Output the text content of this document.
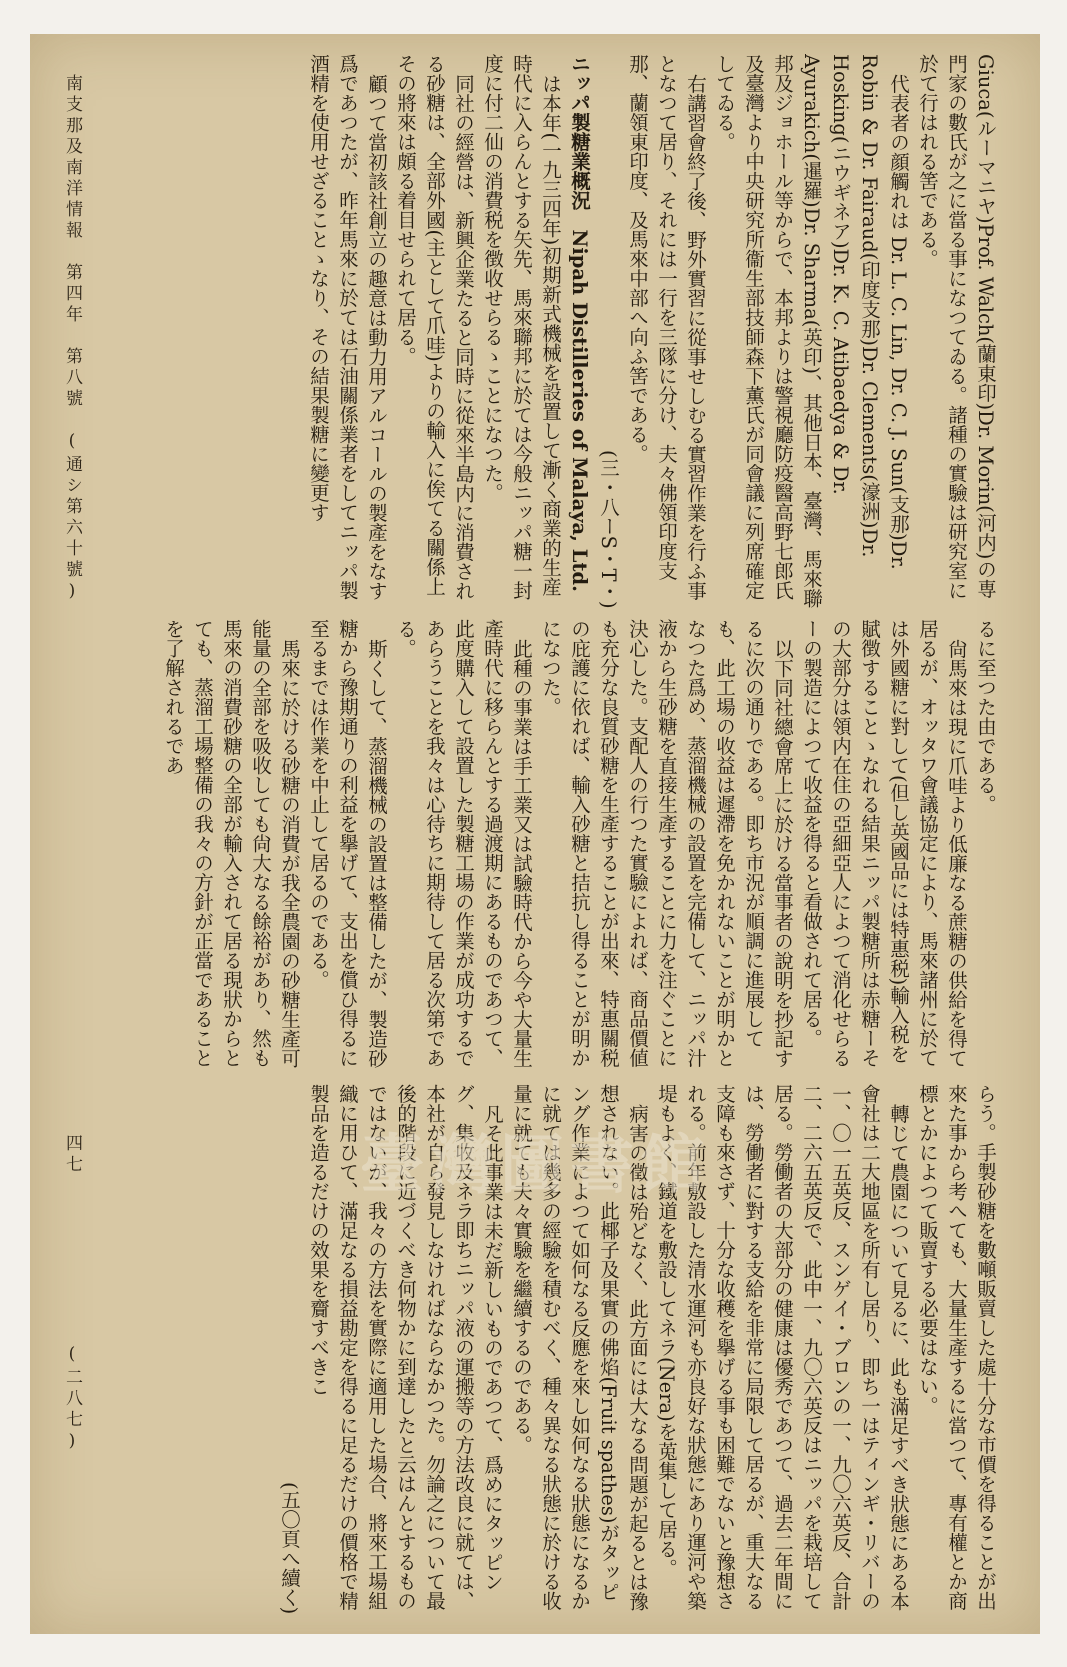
南支那及南洋情報　第四年　第八號　(通シ第六十號)
四七  (二八七)

Giuca(ルーマニヤ)Prof. Walch(蘭東印)Dr. Morin(河内)の専門家の數氏が之に當る事になつてゐる。諸種の實驗は研究室に於て行はれる筈である。

代表者の顔觸れは Dr. L. C. Lin, Dr. C. J. Sun(支那)Dr. Robin & Dr. Fairaud(印度支那)Dr. Clements(濠洲)Dr. Hosking(ニウギネア)Dr. K. C. Atibaedya & Dr. Ayurakich(暹羅)Dr. Sharma(英印)、其他日本、臺灣、馬來聯邦及ジョホール等からで、本邦よりは警視廳防疫醫高野七郎氏及臺灣より中央研究所衞生部技師森下薫氏が同會議に列席確定してゐる。

右講習會終了後、野外實習に從事せしむる實習作業を行ふ事となつて居り、それには一行を三隊に分け、夫々佛領印度支那、蘭領東印度、及馬來中部へ向ふ筈である。

(三・八ーS・T・)

ニッパ製糖業概況　Nipah Distilleries of Malaya, Ltd.

は本年(一九三四年)初期新式機械を設置して漸く商業的生産時代に入らんとする矢先、馬來聯邦に於ては今般ニッパ糖一封度に付二仙の消費税を徴收せらるゝことになつた。

同社の經營は、新興企業たると同時に從來半島内に消費される砂糖は、全部外國(主として爪哇)よりの輸入に俟てる關係上その將來は頗る着目せられて居る。

顧つて當初該社創立の趣意は動力用アルコールの製產をなす爲であつたが、昨年馬來に於ては石油關係業者をしてニッパ製酒精を使用せざることゝなり、その結果製糖に變更す

るに至つた由である。

尙馬來は現に爪哇より低廉なる蔗糖の供給を得て居るが、オッタワ會議協定により、馬來諸州に於ては外國糖に對して(但し英國品には特惠税)輸入税を賦徴することゝなれる結果ニッパ製糖所は赤糖ーその大部分は領内在住の亞細亞人によつて消化せらるーの製造によつて收益を得ると看做されて居る。

以下同社總會席上に於ける當事者の說明を抄記するに次の通りである。即ち市況が順調に進展しても、此工場の收益は遲滯を免かれないことが明かとなつた爲め、蒸溜機械の設置を完備して、ニッパ汁液から生砂糖を直接生產することに力を注ぐことに決心した。支配人の行つた實驗によれば、商品價値も充分な良質砂糖を生產することが出來、特惠關税の庇護に依れば、輸入砂糖と拮抗し得ることが明かになつた。

此種の事業は手工業又は試驗時代から今や大量生產時代に移らんとする過渡期にあるものであつて、此度購入して設置した製糖工場の作業が成功するであらうことを我々は心待ちに期待して居る次第である。

斯くして、蒸溜機械の設置は整備したが、製造砂糖から豫期通りの利益を擧げて、支出を償ひ得るに至るまでは作業を中止して居るのである。

馬來に於ける砂糖の消費が我全農園の砂糖生產可能量の全部を吸收しても尙大なる餘裕があり、然も馬來の消費砂糖の全部が輸入されて居る現狀からとても、蒸溜工場整備の我々の方針が正當であることを了解されるであ

らう。手製砂糖を數噸販賣した處十分な市價を得ることが出來た事から考へても、大量生產するに當つて、專有權とか商標とかによつて販賣する必要はない。

轉じて農園について見るに、此も滿足すべき狀態にある本會社は二大地區を所有し居り、即ち一はティンギ・リバーの一、〇一五英反、スンゲイ・ブロンの一、九〇六英反、合計二、二六五英反で、此中一、九〇六英反はニッパを栽培して居る。勞働者の大部分の健康は優秀であつて、過去二年間には、勞働者に對する支給を非常に局限して居るが、重大なる支障も來さず、十分な收穫を擧げる事も困難でないと豫想される。前年敷設した清水運河も亦良好な狀態にあり運河や築堤もよく、鐵道を敷設してネラ(Nera)を莵集して居る。

病害の徵は殆どなく、此方面には大なる問題が起るとは豫想されない。此椰子及果實の佛焰(Fruit spathes)がタッピング作業によつて如何なる反應を來し如何なる狀態になるかに就ては幾多の經驗を積むべく、種々異なる狀態に於ける收量に就ても夫々實驗を繼續するのである。

凡そ此事業は未だ新しいものであつて、爲めにタッピング、集收及ネラ即ちニッパ液の運搬等の方法改良に就ては、本社が自ら發見しなければならなかつた。勿論之について最後的階段に近づくべき何物かに到達したと云はんとするものではないが、我々の方法を實際に適用した場合、將來工場組織に用ひて、滿足なる損益勘定を得るに足るだけの價格で精製品を造るだけの效果を齎すべきこ

(五〇頁へ續く)

臺灣圖書館
